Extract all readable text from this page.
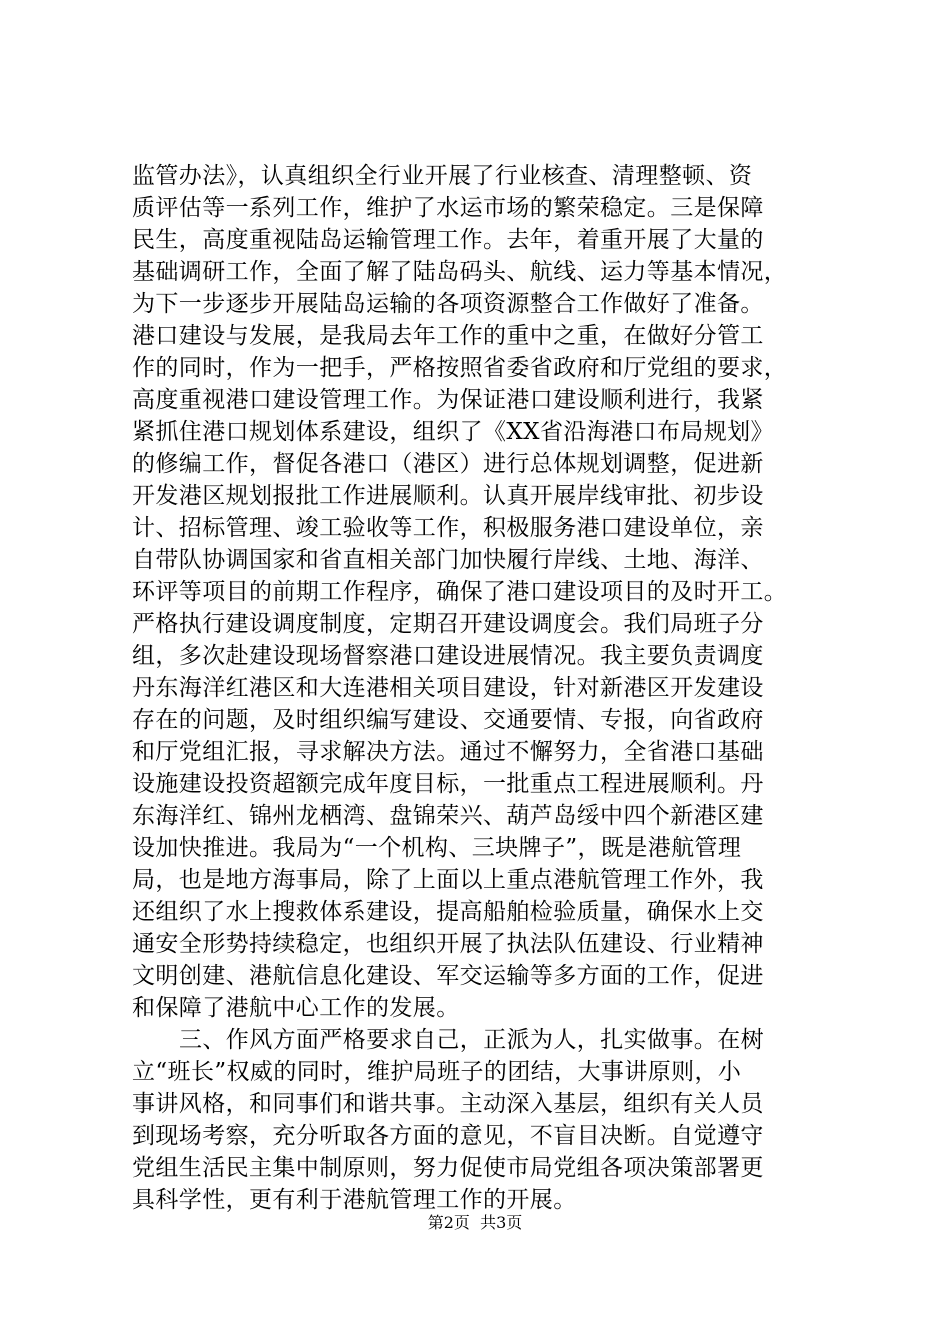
监管办法》，认真组织全行业开展了行业核查、清理整顿、资
质评估等一系列工作，维护了水运市场的繁荣稳定。三是保障
民生，高度重视陆岛运输管理工作。去年，着重开展了大量的
基础调研工作，全面了解了陆岛码头、航线、运力等基本情况，
为下一步逐步开展陆岛运输的各项资源整合工作做好了准备。
港口建设与发展，是我局去年工作的重中之重，在做好分管工
作的同时，作为一把手，严格按照省委省政府和厅党组的要求，
高度重视港口建设管理工作。为保证港口建设顺利进行，我紧
紧抓住港口规划体系建设，组织了《XX省沿海港口布局规划》
的修编工作，督促各港口（港区）进行总体规划调整，促进新
开发港区规划报批工作进展顺利。认真开展岸线审批、初步设
计、招标管理、竣工验收等工作，积极服务港口建设单位，亲
自带队协调国家和省直相关部门加快履行岸线、土地、海洋、
环评等项目的前期工作程序，确保了港口建设项目的及时开工。
严格执行建设调度制度，定期召开建设调度会。我们局班子分
组，多次赴建设现场督察港口建设进展情况。我主要负责调度
丹东海洋红港区和大连港相关项目建设，针对新港区开发建设
存在的问题，及时组织编写建设、交通要情、专报，向省政府
和厅党组汇报，寻求解决方法。通过不懈努力，全省港口基础
设施建设投资超额完成年度目标，一批重点工程进展顺利。丹
东海洋红、锦州龙栖湾、盘锦荣兴、葫芦岛绥中四个新港区建
设加快推进。我局为“一个机构、三块牌子”，既是港航管理
局，也是地方海事局，除了上面以上重点港航管理工作外，我
还组织了水上搜救体系建设，提高船舶检验质量，确保水上交
通安全形势持续稳定，也组织开展了执法队伍建设、行业精神
文明创建、港航信息化建设、军交运输等多方面的工作，促进
和保障了港航中心工作的发展。
三、作风方面严格要求自己，正派为人，扎实做事。在树
立“班长”权威的同时，维护局班子的团结，大事讲原则，小
事讲风格，和同事们和谐共事。主动深入基层，组织有关人员
到现场考察，充分听取各方面的意见，不盲目决断。自觉遵守
党组生活民主集中制原则，努力促使市局党组各项决策部署更
具科学性，更有利于港航管理工作的开展。
第2页  共3页
